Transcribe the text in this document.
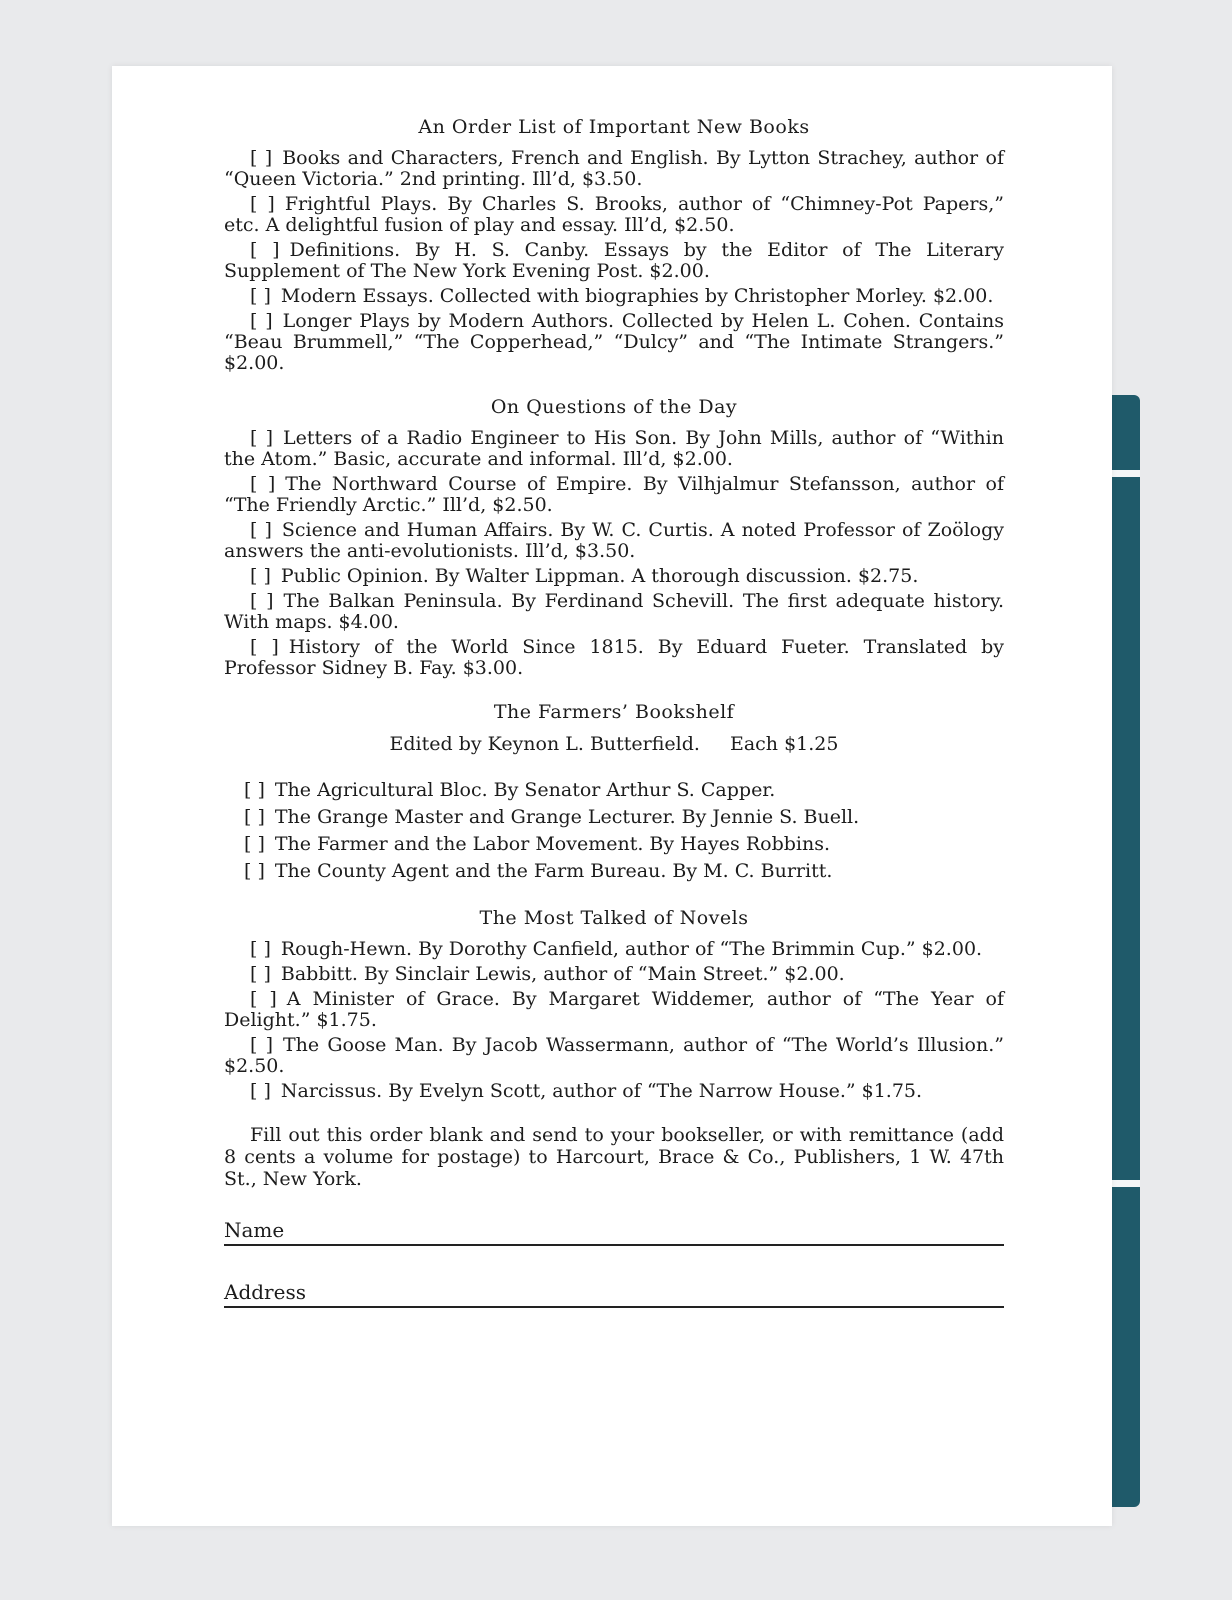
An Order List of Important New Books

[ ] Books and Characters, French and English. By Lytton Strachey, author of “Queen Victoria.” 2nd printing. Ill’d, $3.50.

[ ] Frightful Plays. By Charles S. Brooks, author of “Chimney-Pot Papers,” etc. A delightful fusion of play and essay. Ill’d, $2.50.

[ ] Definitions. By H. S. Canby. Essays by the Editor of The Literary Supplement of The New York Evening Post. $2.00.

[ ] Modern Essays. Collected with biographies by Christopher Morley. $2.00.

[ ] Longer Plays by Modern Authors. Collected by Helen L. Cohen. Contains “Beau Brummell,” “The Copperhead,” “Dulcy” and “The Intimate Strangers.” $2.00.

On Questions of the Day

[ ] Letters of a Radio Engineer to His Son. By John Mills, author of “Within the Atom.” Basic, accurate and informal. Ill’d, $2.00.

[ ] The Northward Course of Empire. By Vilhjalmur Stefansson, author of “The Friendly Arctic.” Ill’d, $2.50.

[ ] Science and Human Affairs. By W. C. Curtis. A noted Professor of Zoölogy answers the anti-evolutionists. Ill’d, $3.50.

[ ] Public Opinion. By Walter Lippman. A thorough discussion. $2.75.

[ ] The Balkan Peninsula. By Ferdinand Schevill. The first adequate history. With maps. $4.00.

[ ] History of the World Since 1815. By Eduard Fueter. Translated by Professor Sidney B. Fay. $3.00.

The Farmers’ Bookshelf
Edited by Keynon L. Butterfield. Each $1.25
[ ] The Agricultural Bloc. By Senator Arthur S. Capper.
[ ] The Grange Master and Grange Lecturer. By Jennie S. Buell.
[ ] The Farmer and the Labor Movement. By Hayes Robbins.
[ ] The County Agent and the Farm Bureau. By M. C. Burritt.
The Most Talked of Novels

[ ] Rough-Hewn. By Dorothy Canfield, author of “The Brimmin Cup.” $2.00.

[ ] Babbitt. By Sinclair Lewis, author of “Main Street.” $2.00.

[ ] A Minister of Grace. By Margaret Widdemer, author of “The Year of Delight.” $1.75.

[ ] The Goose Man. By Jacob Wassermann, author of “The World’s Illusion.” $2.50.

[ ] Narcissus. By Evelyn Scott, author of “The Narrow House.” $1.75.

Fill out this order blank and send to your bookseller, or with remittance (add 8 cents a volume for postage) to Harcourt, Brace & Co., Publishers, 1 W. 47th St., New York.

Name
Address
